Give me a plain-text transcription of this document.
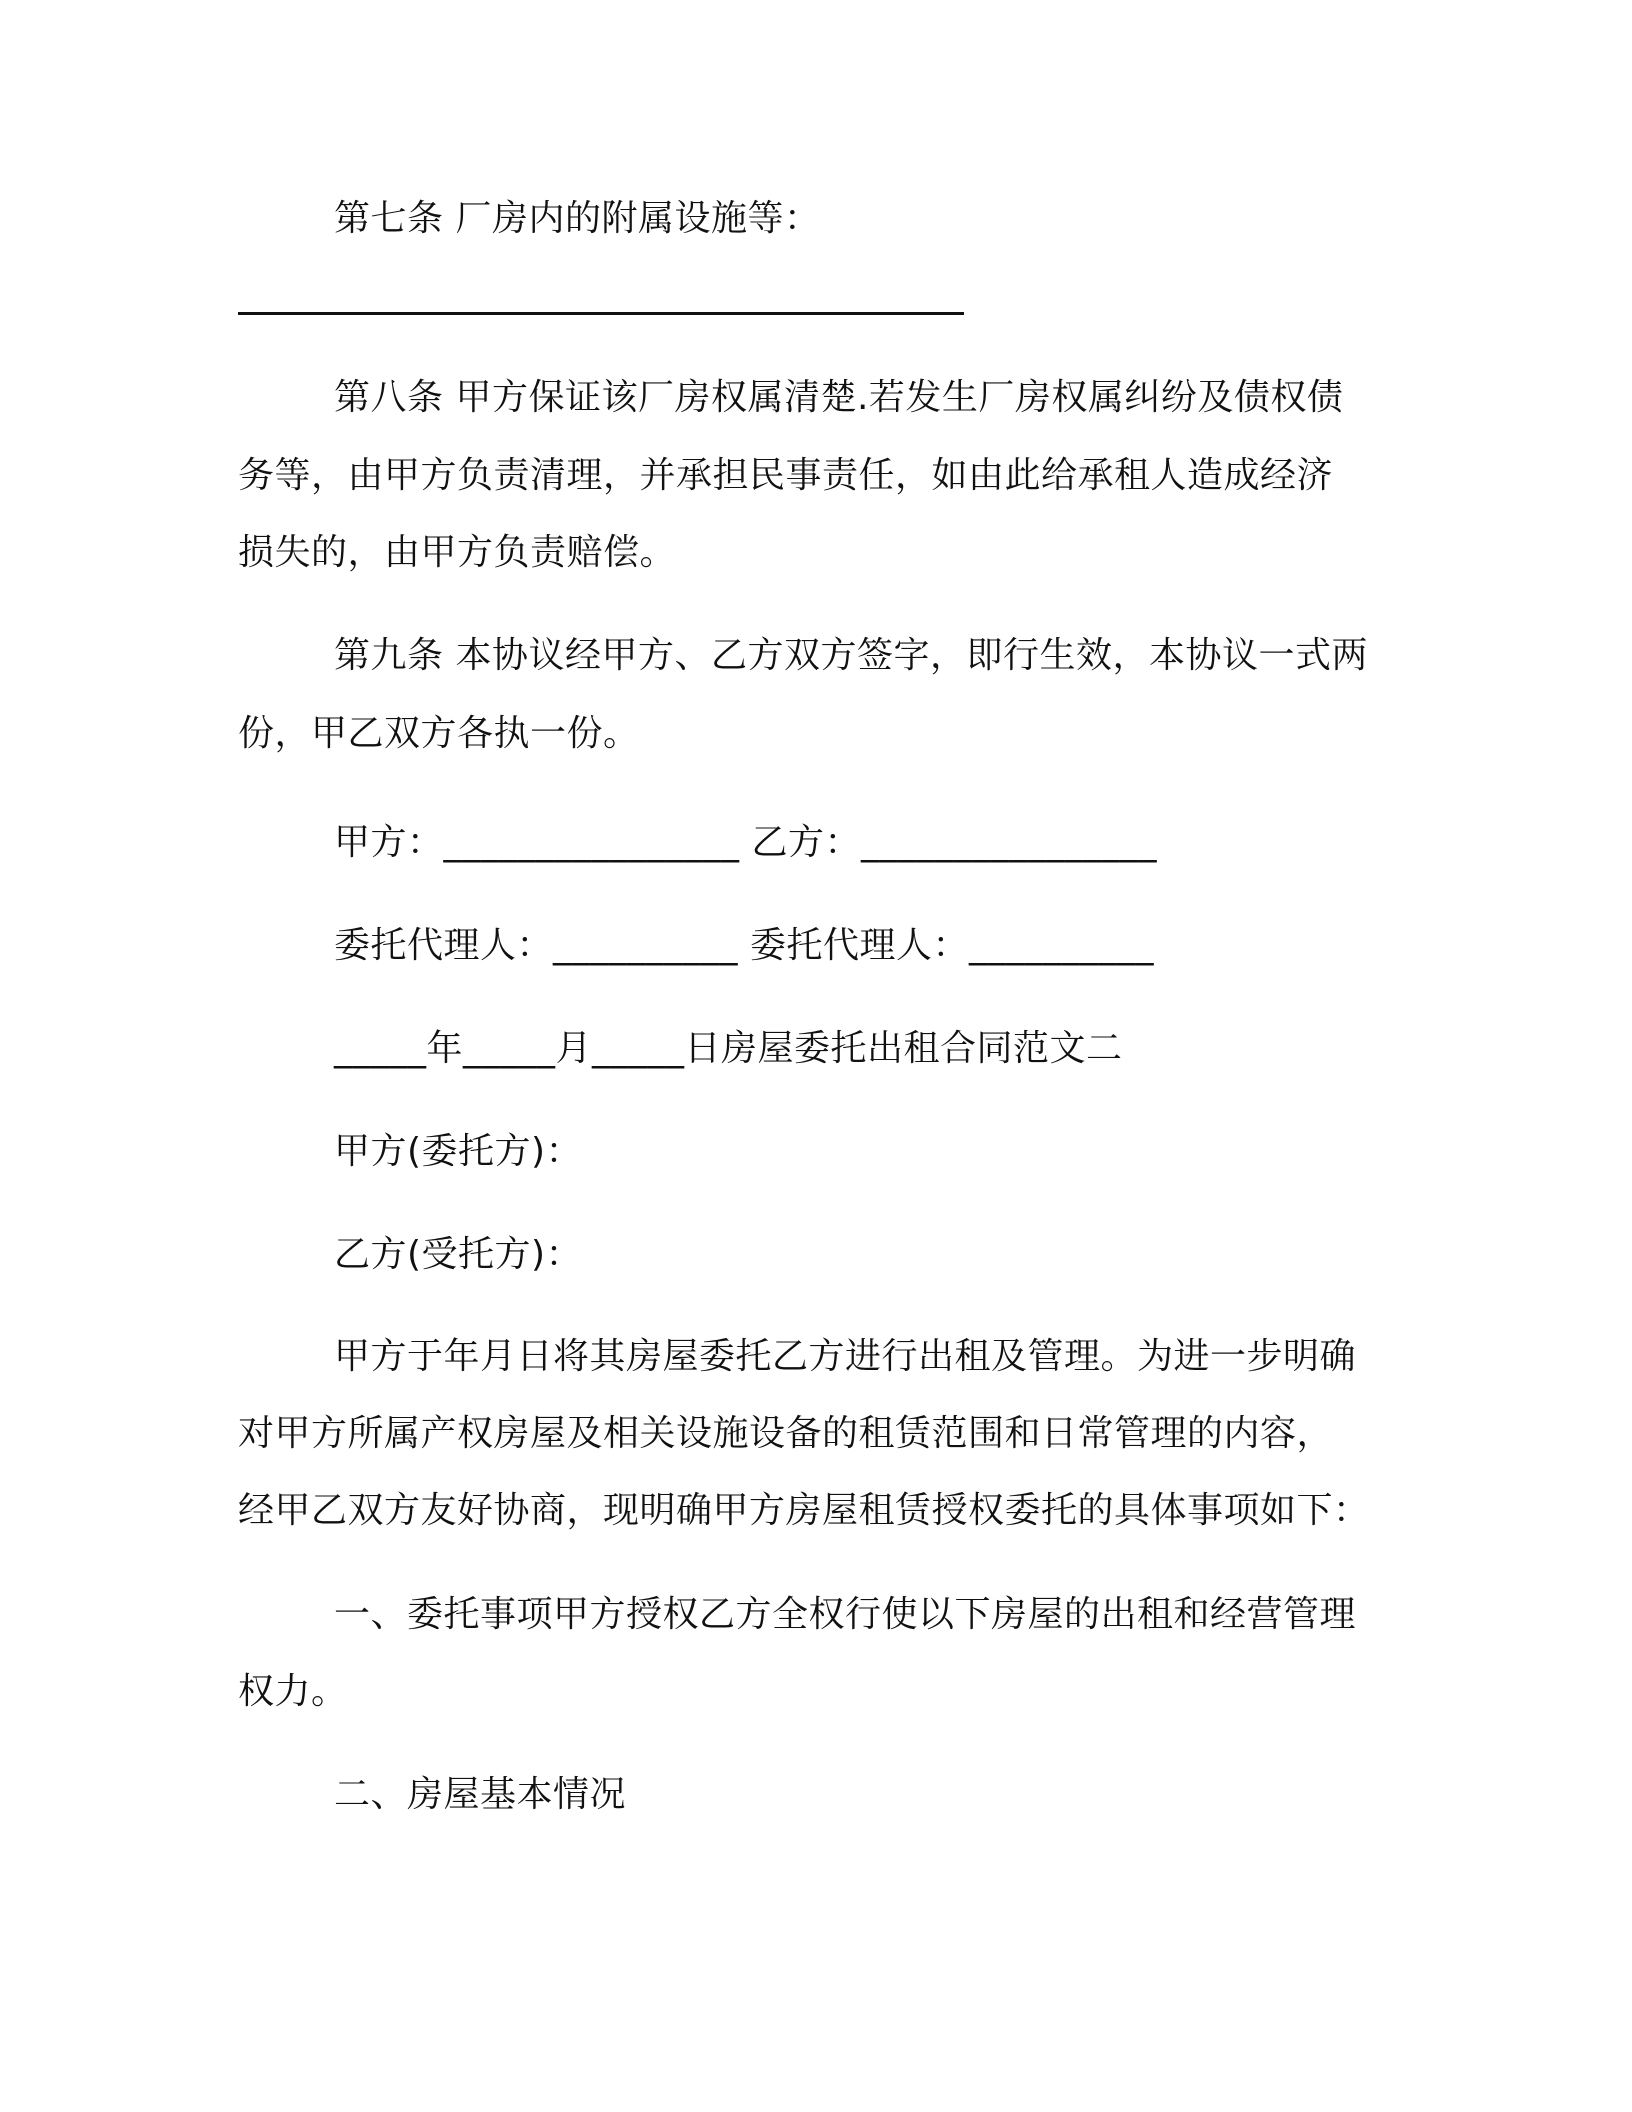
第七条 厂房内的附属设施等：
第八条 甲方保证该厂房权属清楚.若发生厂房权属纠纷及债权债
务等，由甲方负责清理，并承担民事责任，如由此给承租人造成经济
损失的，由甲方负责赔偿。
第九条 本协议经甲方、乙方双方签字，即行生效，本协议一式两
份，甲乙双方各执一份。
甲方：________________ 乙方：________________
委托代理人：__________ 委托代理人：__________
_____年_____月_____日房屋委托出租合同范文二
甲方(委托方)：
乙方(受托方)：
甲方于年月日将其房屋委托乙方进行出租及管理。为进一步明确
对甲方所属产权房屋及相关设施设备的租赁范围和日常管理的内容，
经甲乙双方友好协商，现明确甲方房屋租赁授权委托的具体事项如下：
一、委托事项甲方授权乙方全权行使以下房屋的出租和经营管理
权力。
二、房屋基本情况
